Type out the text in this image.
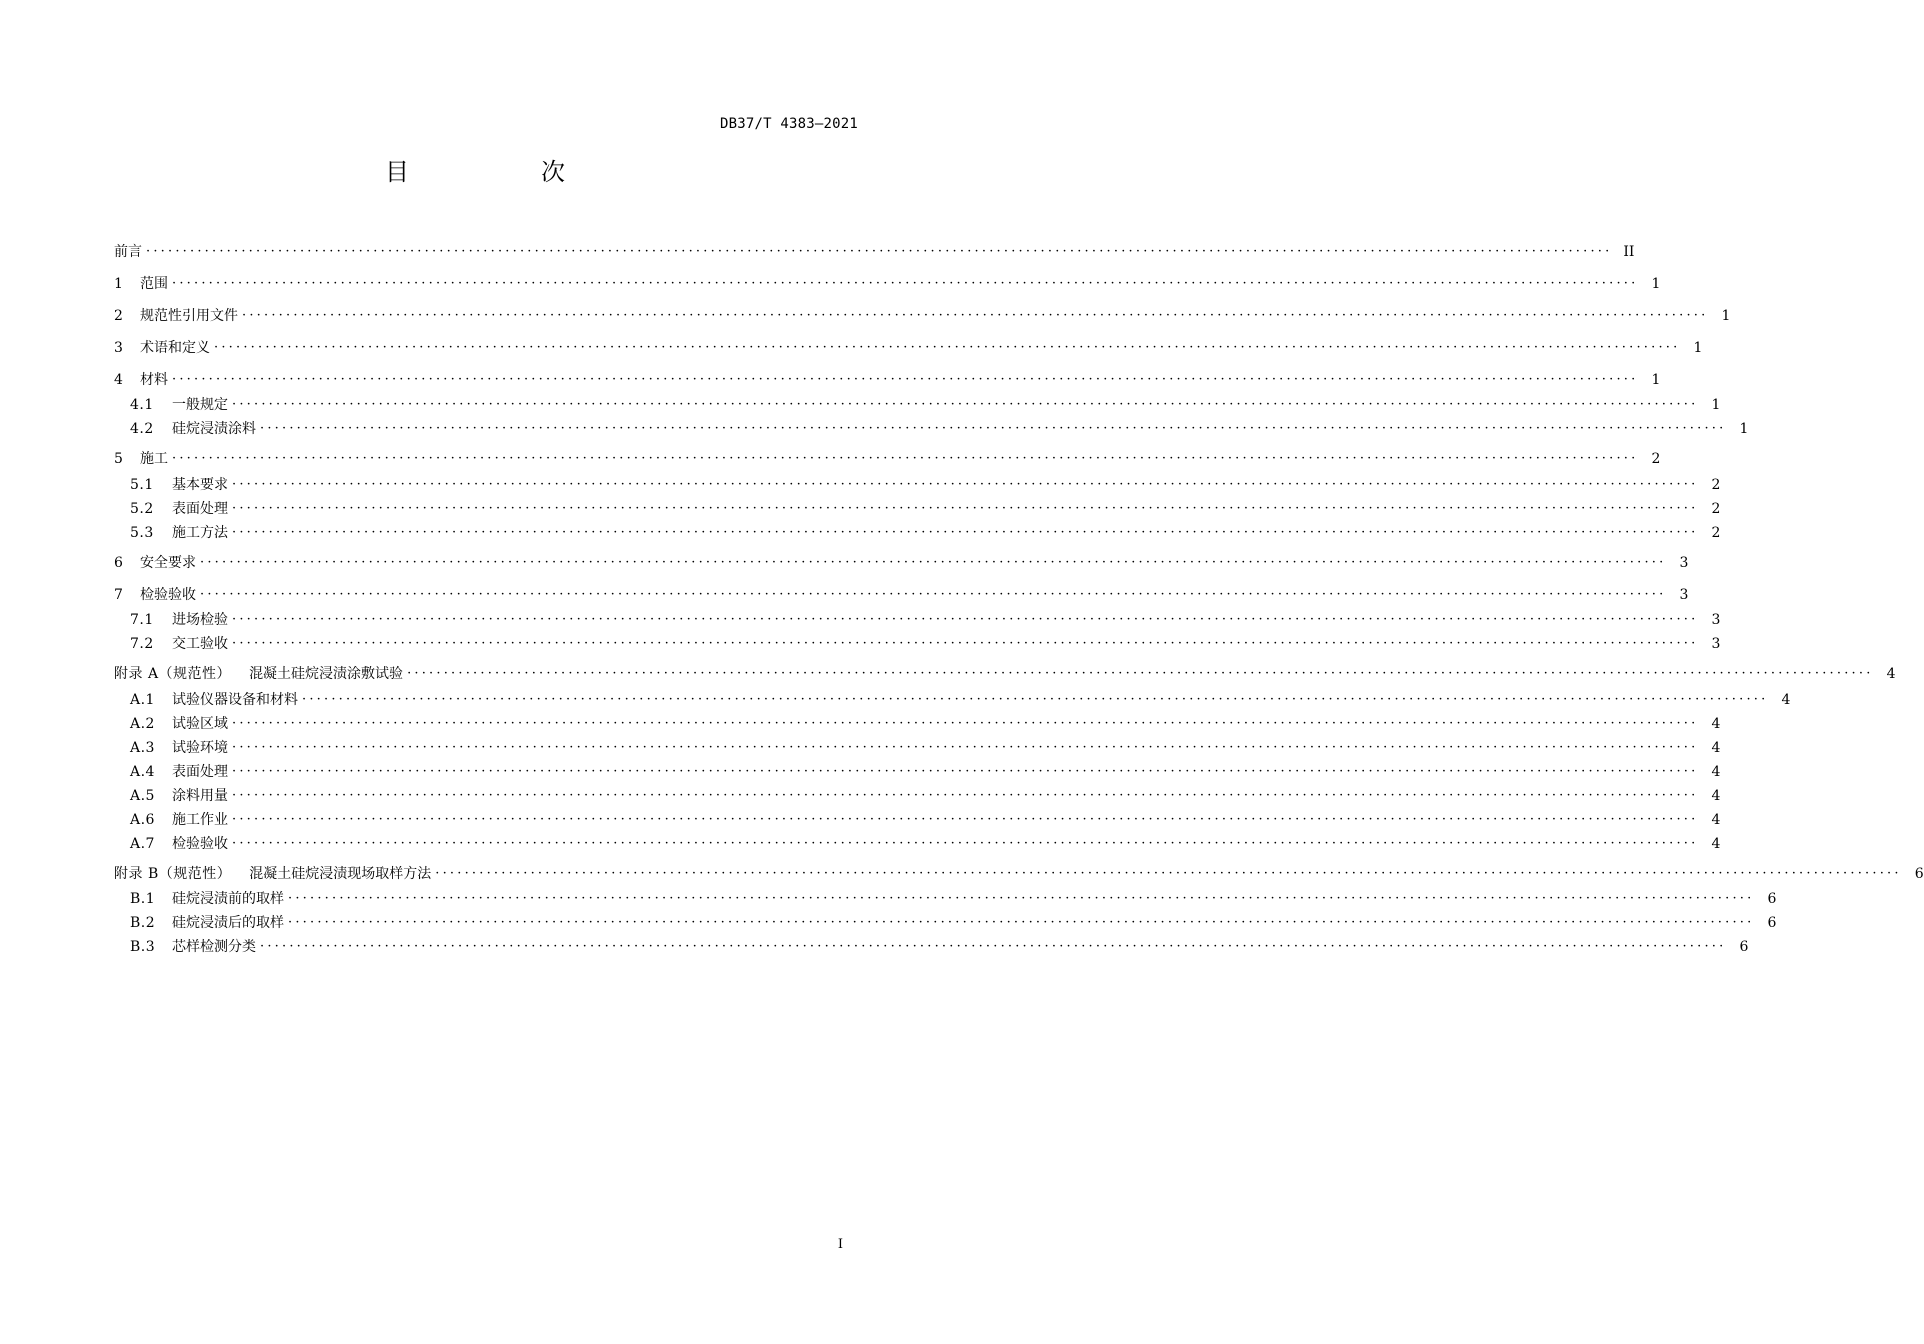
DB37/T 4383—2021
目　次
前言 ········································································································································································································ II
1	范围 ········································································································································································································ 1
2	规范性引用文件 ········································································································································································································ 1
3	术语和定义 ········································································································································································································ 1
4	材料 ········································································································································································································ 1
4.1	一般规定 ········································································································································································································ 1
4.2	硅烷浸渍涂料 ········································································································································································································ 1
5	施工 ········································································································································································································ 2
5.1	基本要求 ········································································································································································································ 2
5.2	表面处理 ········································································································································································································ 2
5.3	施工方法 ········································································································································································································ 2
6	安全要求 ········································································································································································································ 3
7	检验验收 ········································································································································································································ 3
7.1	进场检验 ········································································································································································································ 3
7.2	交工验收 ········································································································································································································ 3
附录 A（规范性） 混凝土硅烷浸渍涂敷试验 ········································································································································································································ 4
A.1	试验仪器设备和材料 ········································································································································································································ 4
A.2	试验区域 ········································································································································································································ 4
A.3	试验环境 ········································································································································································································ 4
A.4	表面处理 ········································································································································································································ 4
A.5	涂料用量 ········································································································································································································ 4
A.6	施工作业 ········································································································································································································ 4
A.7	检验验收 ········································································································································································································ 4
附录 B（规范性） 混凝土硅烷浸渍现场取样方法 ········································································································································································································ 6
B.1	硅烷浸渍前的取样 ········································································································································································································ 6
B.2	硅烷浸渍后的取样 ········································································································································································································ 6
B.3	芯样检测分类 ········································································································································································································ 6
I
